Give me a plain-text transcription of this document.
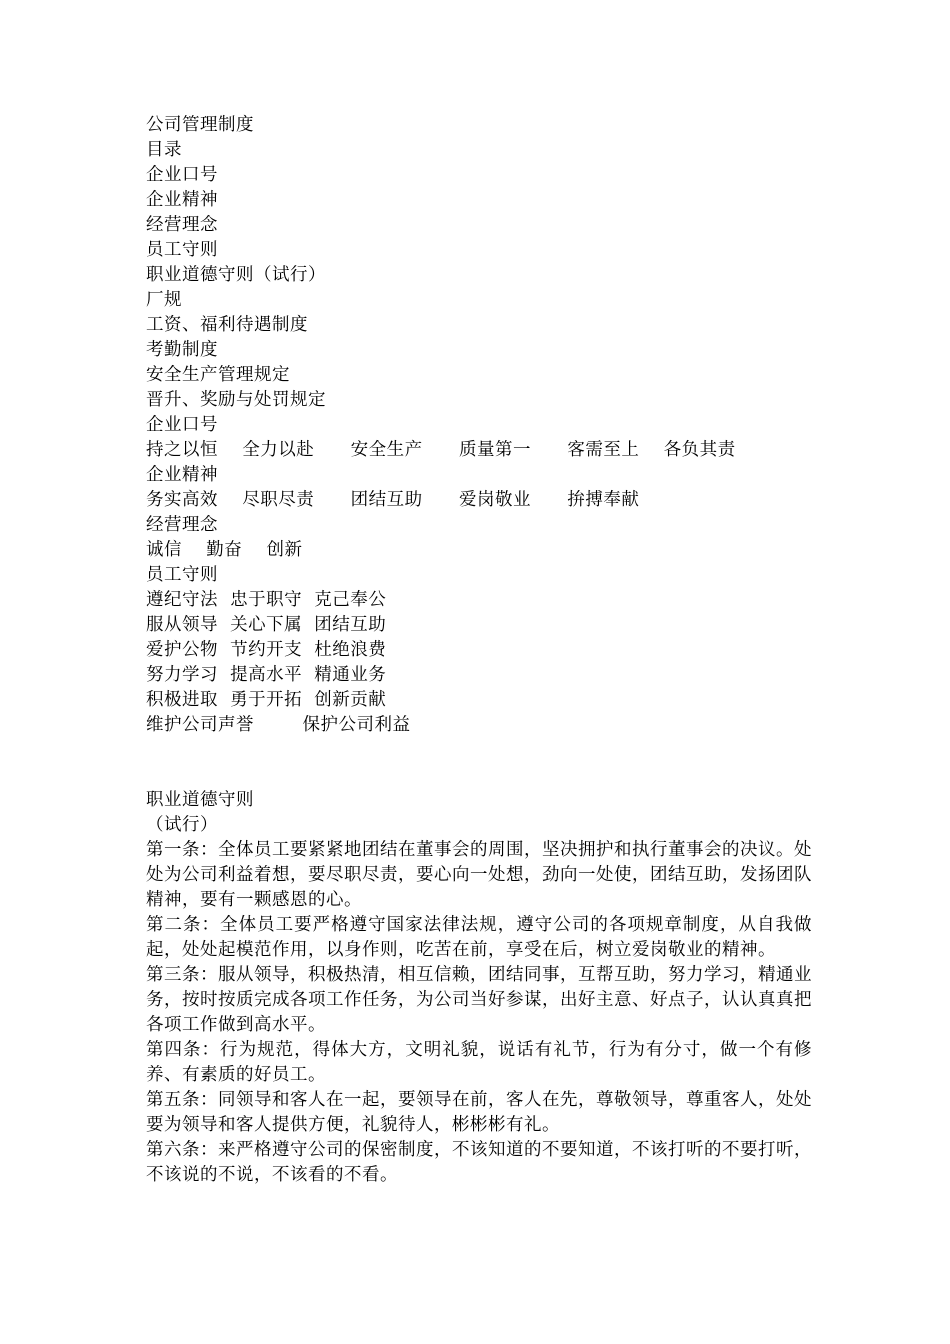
公司管理制度
目录
企业口号
企业精神
经营理念
员工守则
职业道德守则（试行）
厂规
工资、福利待遇制度
考勤制度
安全生产管理规定
晋升、奖励与处罚规定
企业口号
持之以恒    全力以赴      安全生产      质量第一      客需至上    各负其责
企业精神
务实高效    尽职尽责      团结互助      爱岗敬业      拚搏奉献
经营理念
诚信    勤奋    创新
员工守则
遵纪守法  忠于职守  克己奉公
服从领导  关心下属  团结互助
爱护公物  节约开支  杜绝浪费
努力学习  提高水平  精通业务
积极进取  勇于开拓  创新贡献
维护公司声誉        保护公司利益
职业道德守则
（试行）
第一条：全体员工要紧紧地团结在董事会的周围，坚决拥护和执行董事会的决议。处处为公司利益着想，要尽职尽责，要心向一处想，劲向一处使，团结互助，发扬团队精神，要有一颗感恩的心。
第二条：全体员工要严格遵守国家法律法规，遵守公司的各项规章制度，从自我做起，处处起模范作用，以身作则，吃苦在前，享受在后，树立爱岗敬业的精神。
第三条：服从领导，积极热清，相互信赖，团结同事，互帮互助，努力学习，精通业务，按时按质完成各项工作任务，为公司当好参谋，出好主意、好点子，认认真真把各项工作做到高水平。
第四条：行为规范，得体大方，文明礼貌，说话有礼节，行为有分寸，做一个有修养、有素质的好员工。
第五条：同领导和客人在一起，要领导在前，客人在先，尊敬领导，尊重客人，处处要为领导和客人提供方便，礼貌待人，彬彬彬有礼。
第六条：来严格遵守公司的保密制度，不该知道的不要知道，不该打听的不要打听，不该说的不说，不该看的不看。
